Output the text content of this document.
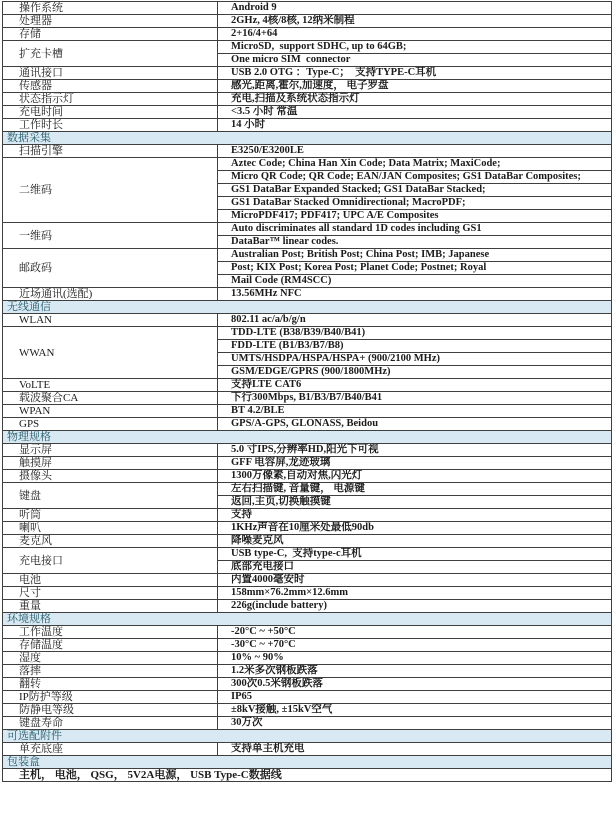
操作系统	Android 9
处理器	2GHz, 4核/8核, 12纳米制程
存储	2+16/4+64
扩充卡槽	MicroSD,  support SDHC, up to 64GB;
	One micro SIM  connector
通讯接口	USB 2.0 OTG ：Type-C；  支持TYPE-C耳机
传感器	感光,距离,霍尔,加速度， 电子罗盘
状态指示灯	充电,扫描及系统状态指示灯
充电时间	<3.5 小时 常温
工作时长	14 小时
数据采集	
扫描引擎	E3250/E3200LE
二维码	Aztec Code; China Han Xin Code; Data Matrix; MaxiCode;
	Micro QR Code; QR Code; EAN/JAN Composites; GS1 DataBar Composites;
	GS1 DataBar Expanded Stacked; GS1 DataBar Stacked;
	GS1 DataBar Stacked Omnidirectional; MacroPDF;
	MicroPDF417; PDF417; UPC A/E Composites
一维码	Auto discriminates all standard 1D codes including GS1
	DataBar™ linear codes.
邮政码	Australian Post; British Post; China Post; IMB; Japanese
	Post; KIX Post; Korea Post; Planet Code; Postnet; Royal
	Mail Code (RM4SCC)
近场通讯(选配)	13.56MHz NFC
无线通信	
WLAN	802.11 ac/a/b/g/n
WWAN	TDD-LTE (B38/B39/B40/B41)
	FDD-LTE (B1/B3/B7/B8)
	UMTS/HSDPA/HSPA/HSPA+ (900/2100 MHz)
	GSM/EDGE/GPRS (900/1800MHz)
VoLTE	支持LTE CAT6
载波聚合CA	下行300Mbps, B1/B3/B7/B40/B41
WPAN	BT 4.2/BLE
GPS	GPS/A-GPS, GLONASS, Beidou
物理规格	
显示屏	5.0 寸IPS,分辨率HD,阳光下可视
触摸屏	GFF 电容屏,龙迹玻璃
摄像头	1300万像素,自动对焦,闪光灯
键盘	左右扫描键, 音量键， 电源键
	返回,主页,切换触摸键
听筒	支持
喇叭	1KHz声音在10厘米处最低90db
麦克风	降噪麦克风
充电接口	USB type-C,  支持type-c耳机
	底部充电接口
电池	内置4000毫安时
尺寸	158mm×76.2mm×12.6mm
重量	226g(include battery)
环境规格	
工作温度	-20°C ~ +50°C
存储温度	-30°C ~ +70°C
湿度	10% ~ 90%
落摔	1.2米多次钢板跌落
翻转	300次0.5米钢板跌落
IP防护等级	IP65
防静电等级	±8kV接触, ±15kV空气
键盘寿命	30万次
可选配附件	
单充底座	支持单主机充电
包装盒	
主机， 电池， QSG， 5V2A电源， USB Type-C数据线	
